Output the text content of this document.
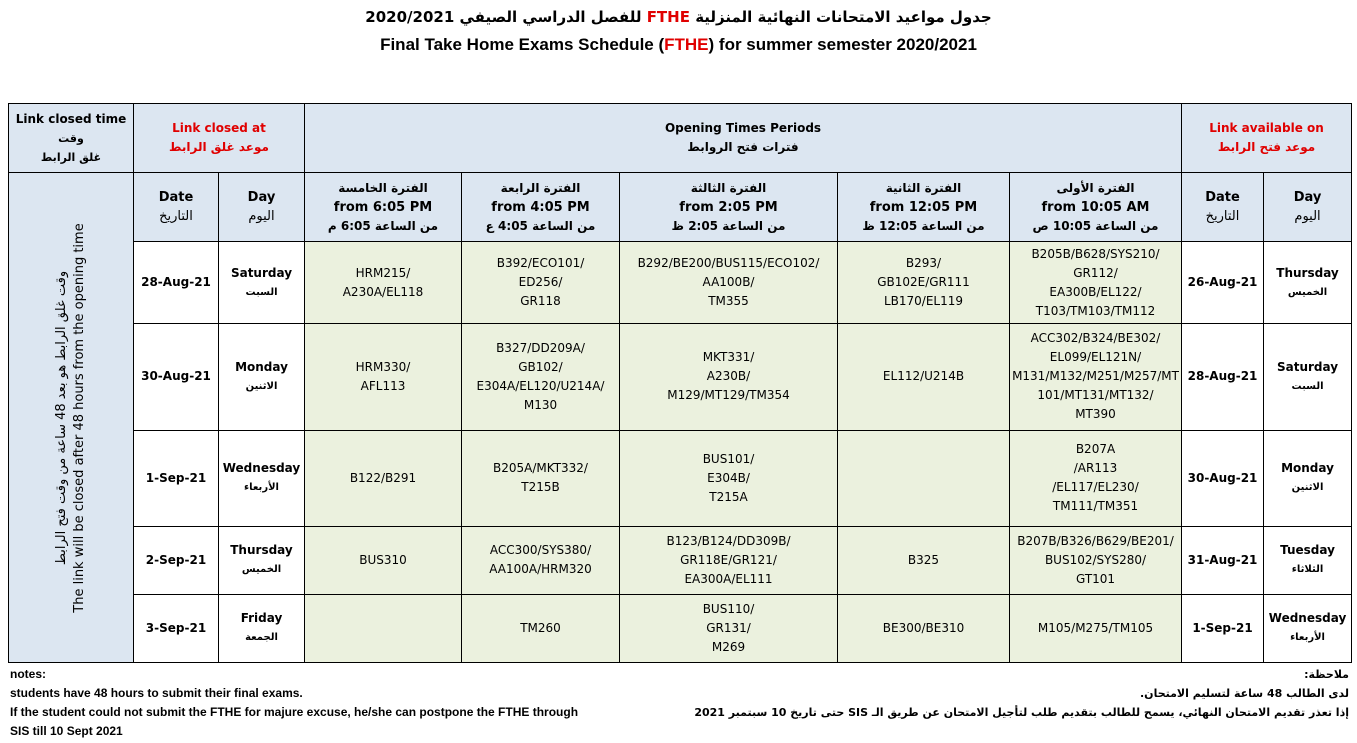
جدول مواعيد الامتحانات النهائية المنزلية FTHE للفصل الدراسي الصيفي 2020/2021
Final Take Home Exams Schedule (FTHE) for summer semester 2020/2021
Link closed time
وقت
غلق الرابط	Link closed at
موعد غلق الرابط		Opening Times Periods
فترات فتح الروابط					Link available on
موعد فتح الرابط	

وقت غلق الرابط هو بعد 48 ساعة من وقت فتح الرابط The link will be closed after 48 hours from the opening time	Date
التاريخ	Day
اليوم	الفترة الخامسة
from 6:05 PM
من الساعة 6:05 م	الفترة الرابعة
from 4:05 PM
من الساعة 4:05 ع	الفترة الثالثة
from 2:05 PM
من الساعة 2:05 ظ	الفترة الثانية
from 12:05 PM
من الساعة 12:05 ظ	الفترة الأولى
from 10:05 AM
من الساعة 10:05 ص	Date
التاريخ	Day
اليوم

	28-Aug-21	Saturday
السبت	HRM215/
A230A/EL118	B392/ECO101/
ED256/
GR118	B292/BE200/BUS115/ECO102/
AA100B/
TM355	B293/
GB102E/GR111
LB170/EL119	B205B/B628/SYS210/
GR112/
EA300B/EL122/
T103/TM103/TM112	26-Aug-21	Thursday
الخميس

	30-Aug-21	Monday
الاثنين	HRM330/
AFL113	B327/DD209A/
GB102/
E304A/EL120/U214A/
M130	MKT331/
A230B/
M129/MT129/TM354	EL112/U214B	ACC302/B324/BE302/
EL099/EL121N/
M131/M132/M251/M257/MT
101/MT131/MT132/
MT390	28-Aug-21	Saturday
السبت

	1-Sep-21	Wednesday
الأربعاء	B122/B291	B205A/MKT332/
T215B	BUS101/
E304B/
T215A		B207A
/AR113
/EL117/EL230/
TM111/TM351	30-Aug-21	Monday
الاثنين

	2-Sep-21	Thursday
الخميس	BUS310	ACC300/SYS380/
AA100A/HRM320	B123/B124/DD309B/
GR118E/GR121/
EA300A/EL111	B325	B207B/B326/B629/BE201/
BUS102/SYS280/
GT101	31-Aug-21	Tuesday
الثلاثاء

	3-Sep-21	Friday
الجمعة		TM260	BUS110/
GR131/
M269	BE300/BE310	M105/M275/TM105	1-Sep-21	Wednesday
الأربعاء
notes:
students have 48 hours to submit their final exams.
If the student could not submit the FTHE for majure excuse, he/she can postpone the FTHE through
SIS till 10 Sept 2021
ملاحظة:
لدى الطالب 48 ساعة لتسليم الامتحان.
إذا تعذر تقديم الامتحان النهائي، يسمح للطالب بتقديم طلب لتأجيل الامتحان عن طريق الـ SIS حتى تاريخ 10 سبتمبر 2021
